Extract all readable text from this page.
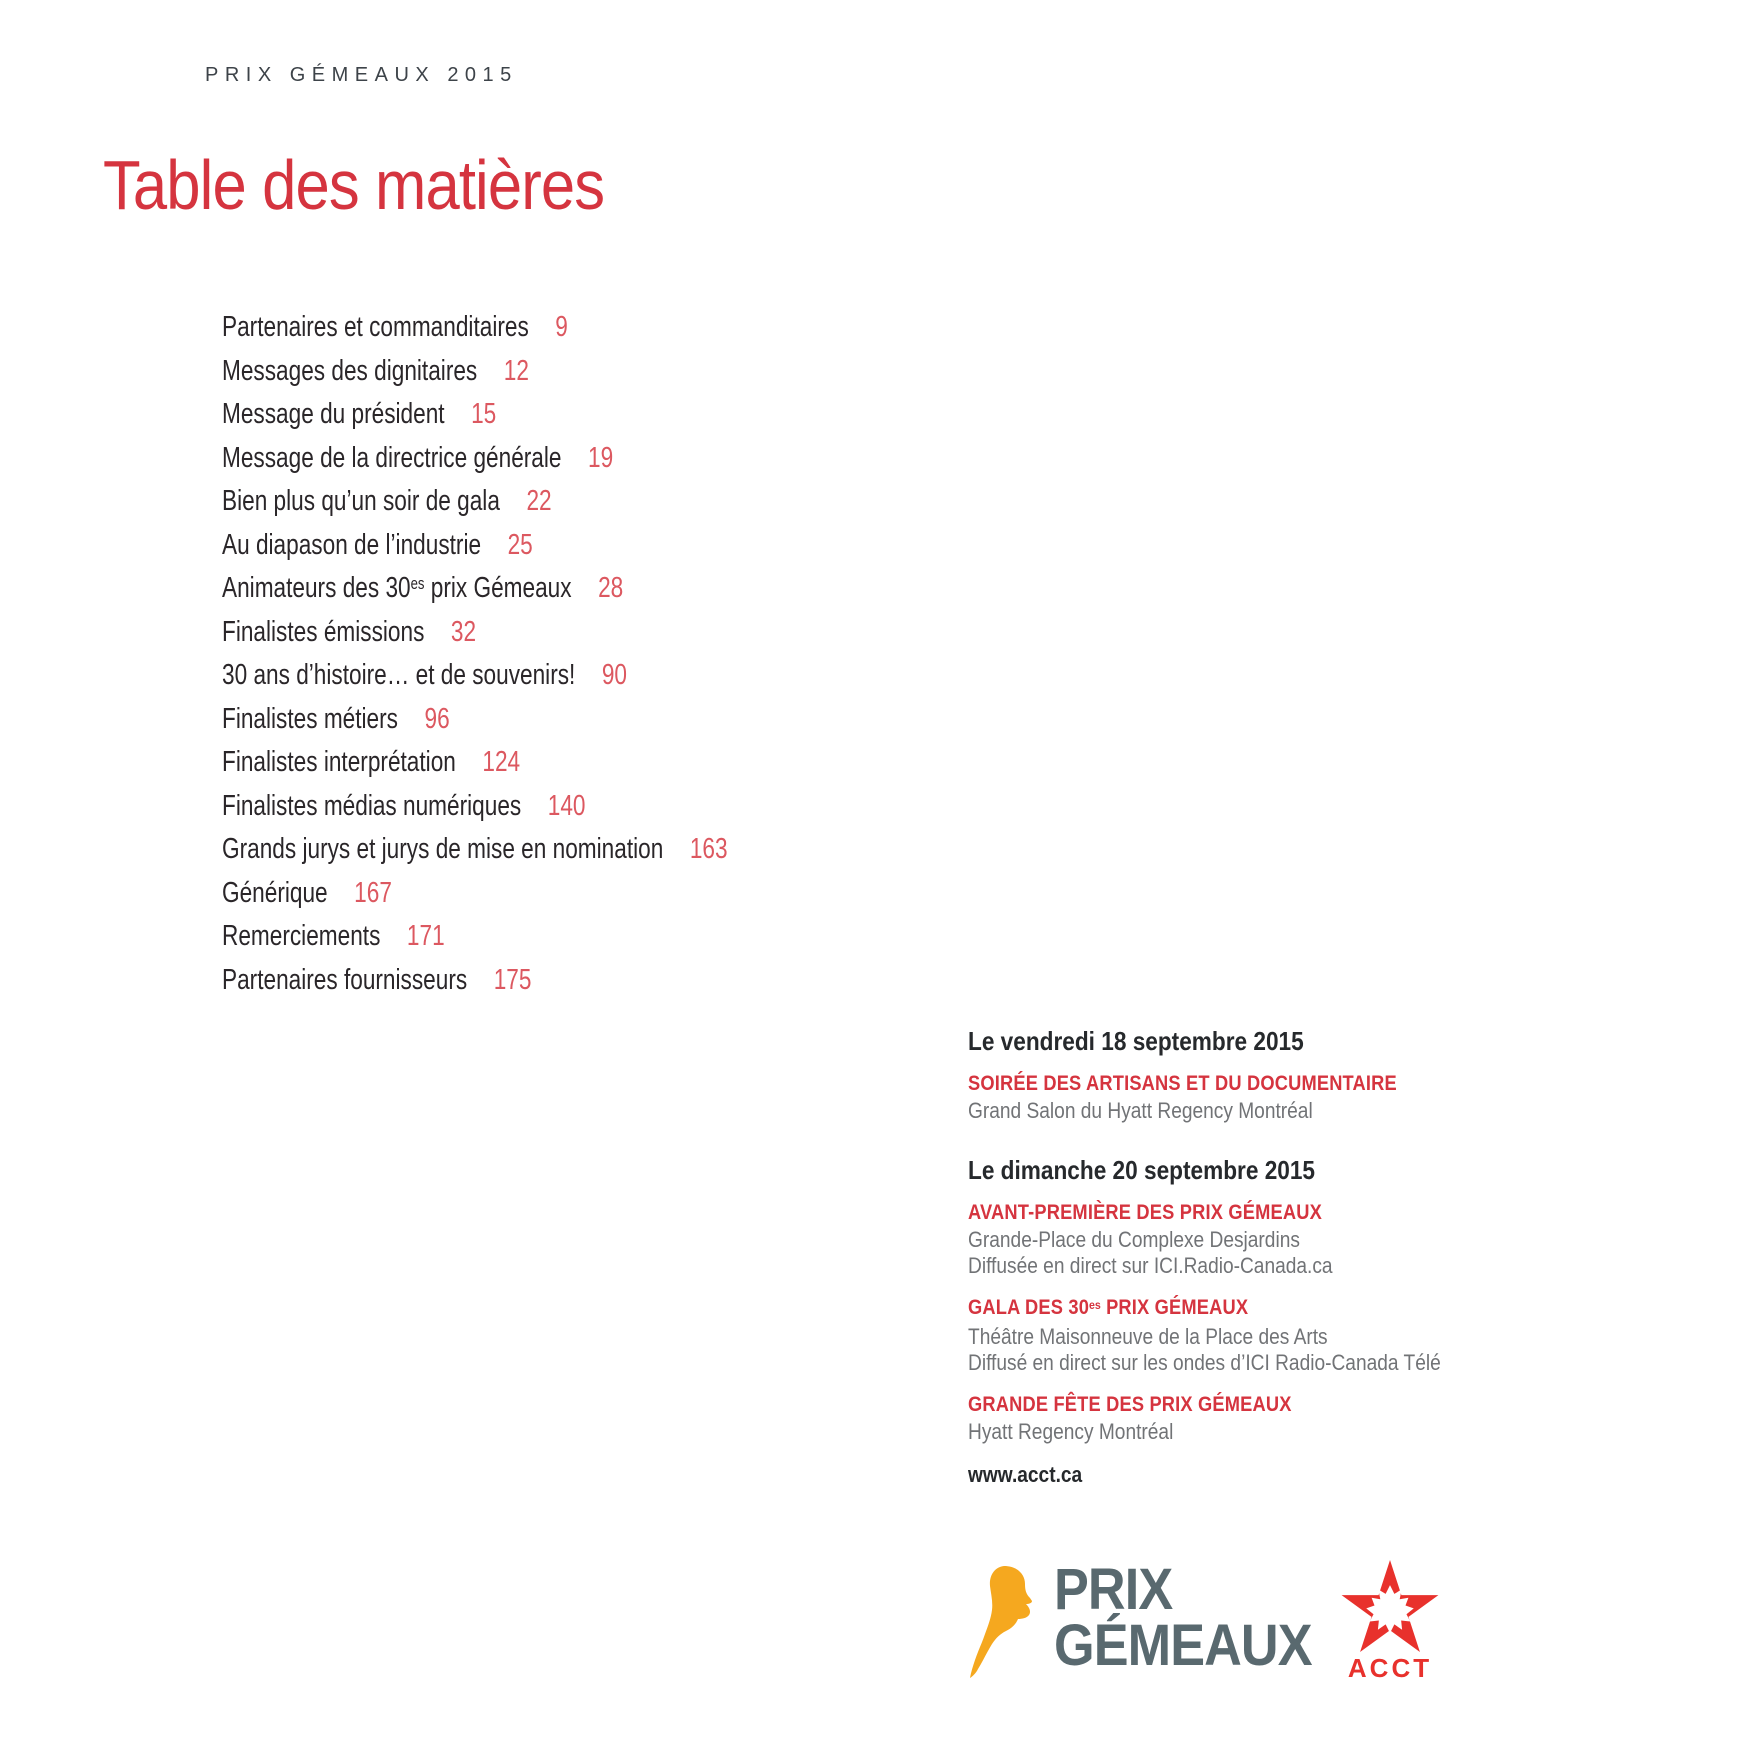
PRIX GÉMEAUX 2015
Table des matières
Partenaires et commanditaires 9
Messages des dignitaires 12
Message du président 15
Message de la directrice générale 19
Bien plus qu’un soir de gala 22
Au diapason de l’industrie 25
Animateurs des $30^{es}$ prix Gémeaux 28
Finalistes émissions 32
30 ans d’histoire… et de souvenirs! 90
Finalistes métiers 96
Finalistes interprétation 124
Finalistes médias numériques 140
Grands jurys et jurys de mise en nomination 163
Générique 167
Remerciements 171
Partenaires fournisseurs 175
Le vendredi 18 septembre 2015
SOIRÉE DES ARTISANS ET DU DOCUMENTAIRE
Grand Salon du Hyatt Regency Montréal
Le dimanche 20 septembre 2015
AVANT-PREMIÈRE DES PRIX GÉMEAUX
Grande-Place du Complexe Desjardins
Diffusée en direct sur ICI.Radio-Canada.ca
GALA DES $30^{es}$ PRIX GÉMEAUX
Théâtre Maisonneuve de la Place des Arts
Diffusé en direct sur les ondes d’ICI Radio-Canada Télé
GRANDE FÊTE DES PRIX GÉMEAUX
Hyatt Regency Montréal
www.acct.ca
PRIX
GÉMEAUX	ACCT
